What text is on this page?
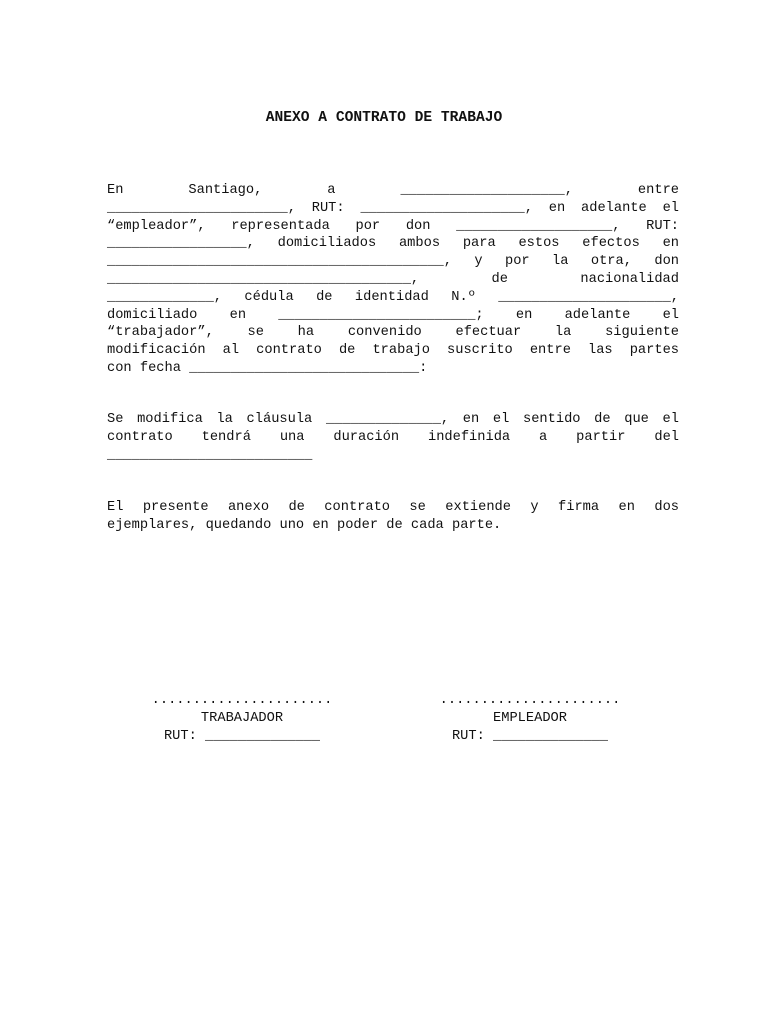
ANEXO A CONTRATO DE TRABAJO
En Santiago, a ____________________, entre
______________________, RUT: ____________________, en adelante el
“empleador”, representada por don ___________________, RUT:
_________________, domiciliados ambos para estos efectos en
_________________________________________, y por la otra, don
_____________________________________, de nacionalidad
_____________, cédula de identidad N.º _____________________,
domiciliado en ________________________; en adelante el
“trabajador”, se ha convenido efectuar la siguiente
modificación al contrato de trabajo suscrito entre las partes
con fecha ____________________________:
Se modifica la cláusula ______________, en el sentido de que el
contrato tendrá una duración indefinida a partir del
_________________________
El presente anexo de contrato se extiende y firma en dos
ejemplares, quedando uno en poder de cada parte.
......................
TRABAJADOR
RUT: ______________
......................
EMPLEADOR
RUT: ______________
